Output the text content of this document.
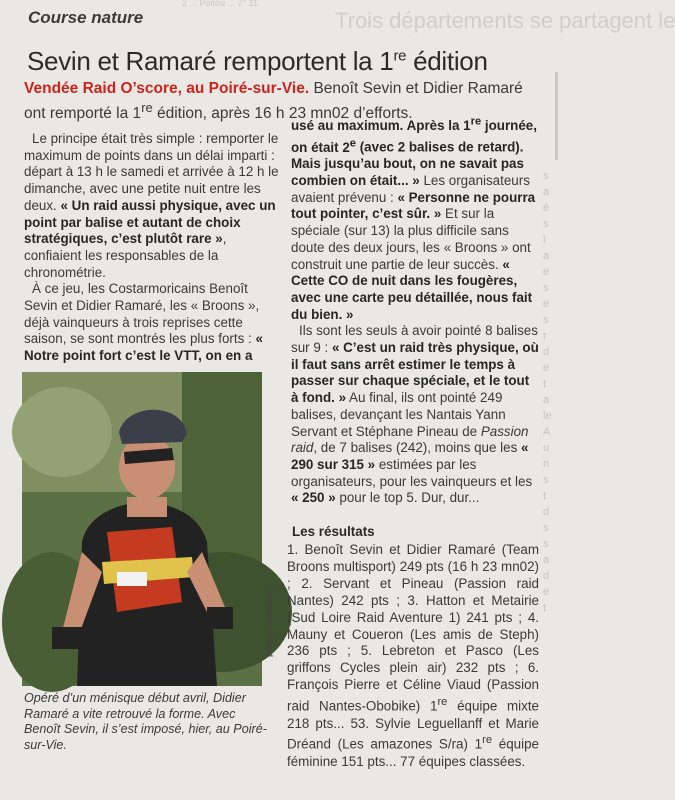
2 ... Poitou ... 7° 11
Trois départements se partagent le
Course nature
Sevin et Ramaré remportent la 1re édition
Vendée Raid O’score, au Poiré-sur-Vie. Benoît Sevin et Didier Ramaré ont remporté la 1re édition, après 16 h 23 mn02 d’efforts.

Le principe était très simple : remporter le maximum de points dans un délai imparti : départ à 13 h le samedi et arrivée à 12 h le dimanche, avec une petite nuit entre les deux. « Un raid aussi physique, avec un point par balise et autant de choix stratégiques, c’est plutôt rare », confiaient les responsables de la chronométrie.

À ce jeu, les Costarmoricains Benoît Sevin et Didier Ramaré, les « Broons », déjà vainqueurs à trois reprises cette saison, se sont montrés les plus forts : « Notre point fort c’est le VTT, on en a

Christophe Puaud
Opéré d’un ménisque début avril, Didier Ramaré a vite retrouvé la forme. Avec Benoît Sevin, il s’est imposé, hier, au Poiré-sur-Vie.

usé au maximum. Après la 1re journée, on était 2e (avec 2 balises de retard). Mais jusqu’au bout, on ne savait pas combien on était... » Les organisateurs avaient prévenu : « Personne ne pourra tout pointer, c’est sûr. » Et sur la spéciale (sur 13) la plus difficile sans doute des deux jours, les « Broons » ont construit une partie de leur succès. « Cette CO de nuit dans les fougères, avec une carte peu détaillée, nous fait du bien. »

Ils sont les seuls à avoir pointé 8 balises sur 9 : « C’est un raid très physique, où il faut sans arrêt estimer le temps à passer sur chaque spéciale, et le tout à fond. » Au final, ils ont pointé 249 balises, devançant les Nantais Yann Servant et Stéphane Pineau de Passion raid, de 7 balises (242), moins que les « 290 sur 315 » estimées par les organisateurs, pour les vainqueurs et les « 250 » pour le top 5. Dur, dur...

Les résultats
1. Benoît Sevin et Didier Ramaré (Team Broons multisport) 249 pts (16 h 23 mn02) ; 2. Servant et Pineau (Passion raid Nantes) 242 pts ; 3. Hatton et Metairie (Sud Loire Raid Aventure 1) 241 pts ; 4. Mauny et Coueron (Les amis de Steph) 236 pts ; 5. Lebreton et Pasco (Les griffons Cycles plein air) 232 pts ; 6. François Pierre et Céline Viaud (Passion raid Nantes-Obobike) 1re équipe mixte 218 pts... 53. Sylvie Leguellanff et Marie Dréand (Les amazones S/ra) 1re équipe féminine 151 pts... 77 équipes classées.
s
a
é
s
l
a
e
s
e
s
r
d
e
t
a
le
A
u
n
s
t
d
s
s
a
d
e
t
